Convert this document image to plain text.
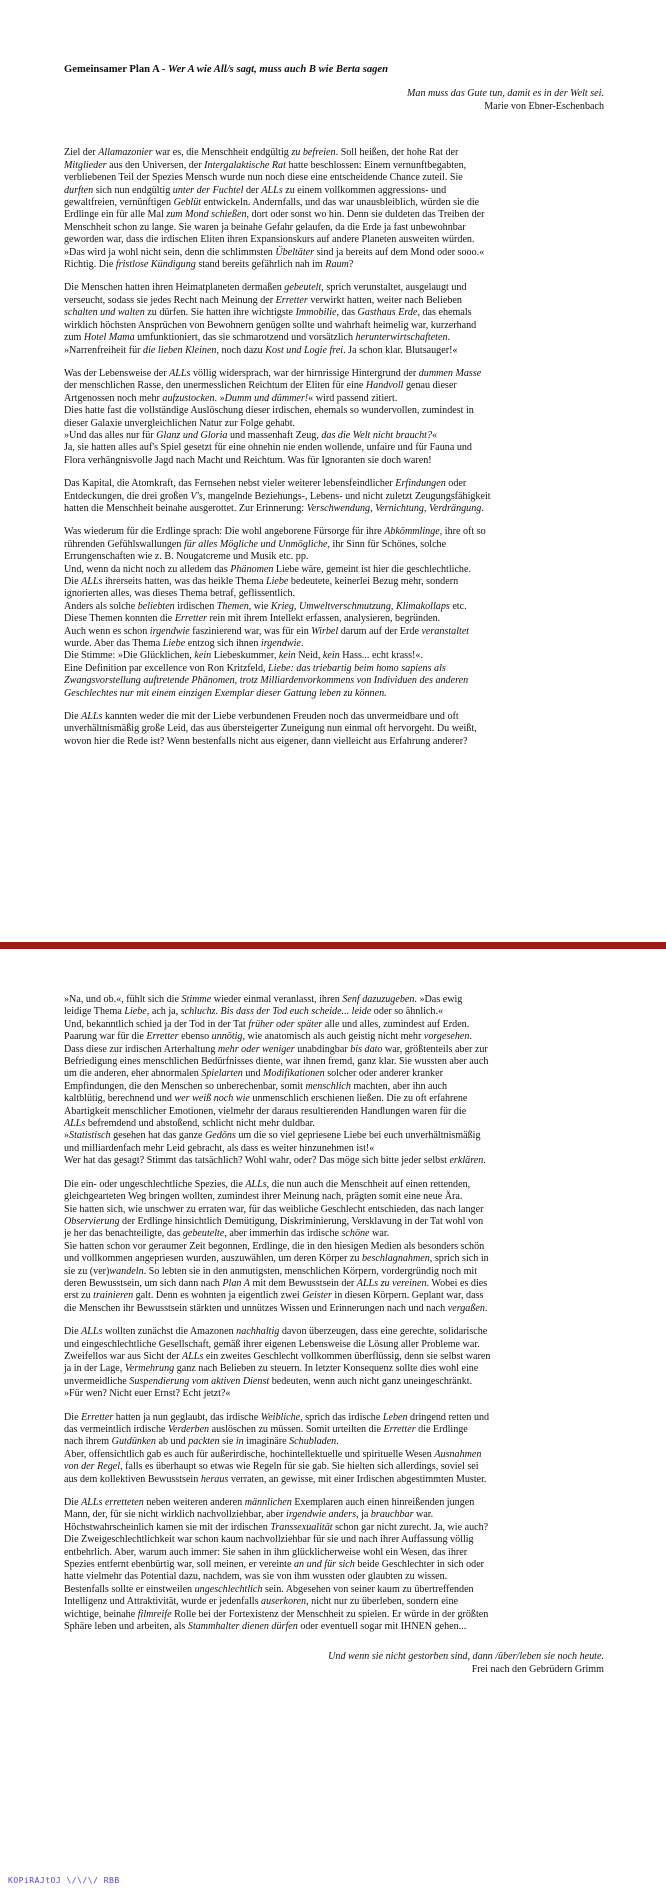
Gemeinsamer Plan A - Wer A wie All/s sagt, muss auch B wie Berta sagen

Man muss das Gute tun, damit es in der Welt sei.
Marie von Ebner-Eschenbach

Ziel der Allamazonier war es, die Menschheit endgültig zu befreien. Soll heißen, der hohe Rat der
Mitglieder aus den Universen, der Intergalaktische Rat hatte beschlossen: Einem vernunftbegabten,
verbliebenen Teil der Spezies Mensch wurde nun noch diese eine entscheidende Chance zuteil. Sie
durften sich nun endgültig unter der Fuchtel der ALLs zu einem vollkommen aggressions- und
gewaltfreien, vernünftigen Geblüt entwickeln. Andernfalls, und das war unausbleiblich, würden sie die
Erdlinge ein für alle Mal zum Mond schießen, dort oder sonst wo hin. Denn sie duldeten das Treiben der
Menschheit schon zu lange. Sie waren ja beinahe Gefahr gelaufen, da die Erde ja fast unbewohnbar
geworden war, dass die irdischen Eliten ihren Expansionskurs auf andere Planeten ausweiten würden.
»Das wird ja wohl nicht sein, denn die schlimmsten Übeltäter sind ja bereits auf dem Mond oder sooo.«
Richtig. Die fristlose Kündigung stand bereits gefährlich nah im Raum?

Die Menschen hatten ihren Heimatplaneten dermaßen gebeutelt, sprich verunstaltet, ausgelaugt und
verseucht, sodass sie jedes Recht nach Meinung der Erretter verwirkt hatten, weiter nach Belieben
schalten und walten zu dürfen. Sie hatten ihre wichtigste Immobilie, das Gasthaus Erde, das ehemals
wirklich höchsten Ansprüchen von Bewohnern genügen sollte und wahrhaft heimelig war, kurzerhand
zum Hotel Mama umfunktioniert, das sie schmarotzend und vorsätzlich herunterwirtschafteten.
»Narrenfreiheit für die lieben Kleinen, noch dazu Kost und Logie frei. Ja schon klar. Blutsauger!«

Was der Lebensweise der ALLs völlig widersprach, war der hirnrissige Hintergrund der dummen Masse
der menschlichen Rasse, den unermesslichen Reichtum der Eliten für eine Handvoll genau dieser
Artgenossen noch mehr aufzustocken. »Dumm und dümmer!« wird passend zitiert.
Dies hatte fast die vollständige Auslöschung dieser irdischen, ehemals so wundervollen, zumindest in
dieser Galaxie unvergleichlichen Natur zur Folge gehabt.
»Und das alles nur für Glanz und Gloria und massenhaft Zeug, das die Welt nicht braucht?«
Ja, sie hatten alles auf's Spiel gesetzt für eine ohnehin nie enden wollende, unfaire und für Fauna und
Flora verhängnisvolle Jagd nach Macht und Reichtum. Was für Ignoranten sie doch waren!

Das Kapital, die Atomkraft, das Fernsehen nebst vieler weiterer lebensfeindlicher Erfindungen oder
Entdeckungen, die drei großen V's, mangelnde Beziehungs-, Lebens- und nicht zuletzt Zeugungsfähigkeit
hatten die Menschheit beinahe ausgerottet. Zur Erinnerung: Verschwendung, Vernichtung, Verdrängung.

Was wiederum für die Erdlinge sprach: Die wohl angeborene Fürsorge für ihre Abkömmlinge, ihre oft so
rührenden Gefühlswallungen für alles Mögliche und Unmögliche, ihr Sinn für Schönes, solche
Errungenschaften wie z. B. Nougatcreme und Musik etc. pp.
Und, wenn da nicht noch zu alledem das Phänomen Liebe wäre, gemeint ist hier die geschlechtliche.
Die ALLs ihrerseits hatten, was das heikle Thema Liebe bedeutete, keinerlei Bezug mehr, sondern
ignorierten alles, was dieses Thema betraf, geflissentlich.
Anders als solche beliebten irdischen Themen, wie Krieg, Umweltverschmutzung, Klimakollaps etc.
Diese Themen konnten die Erretter rein mit ihrem Intellekt erfassen, analysieren, begründen.
Auch wenn es schon irgendwie faszinierend war, was für ein Wirbel darum auf der Erde veranstaltet
wurde. Aber das Thema Liebe entzog sich ihnen irgendwie.
Die Stimme: »Die Glücklichen, kein Liebeskummer, kein Neid, kein Hass... echt krass!«.
Eine Definition par excellence von Ron Kritzfeld, Liebe: das triebartig beim homo sapiens als
Zwangsvorstellung auftretende Phänomen, trotz Milliardenvorkommens von Individuen des anderen
Geschlechtes nur mit einem einzigen Exemplar dieser Gattung leben zu können.

Die ALLs kannten weder die mit der Liebe verbundenen Freuden noch das unvermeidbare und oft
unverhältnismäßig große Leid, das aus übersteigerter Zuneigung nun einmal oft hervorgeht. Du weißt,
wovon hier die Rede ist? Wenn bestenfalls nicht aus eigener, dann vielleicht aus Erfahrung anderer?

»Na, und ob.«, fühlt sich die Stimme wieder einmal veranlasst, ihren Senf dazuzugeben. »Das ewig
leidige Thema Liebe, ach ja, schluchz. Bis dass der Tod euch scheide... leide oder so ähnlich.«
Und, bekanntlich schied ja der Tod in der Tat früher oder später alle und alles, zumindest auf Erden.
Paarung war für die Erretter ebenso unnötig, wie anatomisch als auch geistig nicht mehr vorgesehen.
Dass diese zur irdischen Arterhaltung mehr oder weniger unabdingbar bis dato war, größtenteils aber zur
Befriedigung eines menschlichen Bedürfnisses diente, war ihnen fremd, ganz klar. Sie wussten aber auch
um die anderen, eher abnormalen Spielarten und Modifikationen solcher oder anderer kranker
Empfindungen, die den Menschen so unberechenbar, somit menschlich machten, aber ihn auch
kaltblütig, berechnend und wer weiß noch wie unmenschlich erschienen ließen. Die zu oft erfahrene
Abartigkeit menschlicher Emotionen, vielmehr der daraus resultierenden Handlungen waren für die
ALLs befremdend und abstoßend, schlicht nicht mehr duldbar.
»Statistisch gesehen hat das ganze Gedöns um die so viel gepriesene Liebe bei euch unverhältnismäßig
und milliardenfach mehr Leid gebracht, als dass es weiter hinzunehmen ist!«
Wer hat das gesagt? Stimmt das tatsächlich? Wohl wahr, oder? Das möge sich bitte jeder selbst erklären.

Die ein- oder ungeschlechtliche Spezies, die ALLs, die nun auch die Menschheit auf einen rettenden,
gleichgearteten Weg bringen wollten, zumindest ihrer Meinung nach, prägten somit eine neue Ära.
Sie hatten sich, wie unschwer zu erraten war, für das weibliche Geschlecht entschieden, das nach langer
Observierung der Erdlinge hinsichtlich Demütigung, Diskriminierung, Versklavung in der Tat wohl von
je her das benachteiligte, das gebeutelte, aber immerhin das irdische schöne war.
Sie hatten schon vor geraumer Zeit begonnen, Erdlinge, die in den hiesigen Medien als besonders schön
und vollkommen angepriesen wurden, auszuwählen, um deren Körper zu beschlagnahmen, sprich sich in
sie zu (ver)wandeln. So lebten sie in den anmutigsten, menschlichen Körpern, vordergründig noch mit
deren Bewusstsein, um sich dann nach Plan A mit dem Bewusstsein der ALLs zu vereinen. Wobei es dies
erst zu trainieren galt. Denn es wohnten ja eigentlich zwei Geister in diesen Körpern. Geplant war, dass
die Menschen ihr Bewusstsein stärkten und unnützes Wissen und Erinnerungen nach und nach vergaßen.

Die ALLs wollten zunächst die Amazonen nachhaltig davon überzeugen, dass eine gerechte, solidarische
und eingeschlechtliche Gesellschaft, gemäß ihrer eigenen Lebensweise die Lösung aller Probleme war.
Zweifellos war aus Sicht der ALLs ein zweites Geschlecht vollkommen überflüssig, denn sie selbst waren
ja in der Lage, Vermehrung ganz nach Belieben zu steuern. In letzter Konsequenz sollte dies wohl eine
unvermeidliche Suspendierung vom aktiven Dienst bedeuten, wenn auch nicht ganz uneingeschränkt.
»Für wen? Nicht euer Ernst? Echt jetzt?«

Die Erretter hatten ja nun geglaubt, das irdische Weibliche, sprich das irdische Leben dringend retten und
das vermeintlich irdische Verderben auslöschen zu müssen. Somit urteilten die Erretter die Erdlinge
nach ihrem Gutdünken ab und packten sie in imaginäre Schubladen.
Aber, offensichtlich gab es auch für außerirdische, hochintellektuelle und spirituelle Wesen Ausnahmen
von der Regel, falls es überhaupt so etwas wie Regeln für sie gab. Sie hielten sich allerdings, soviel sei
aus dem kollektiven Bewusstsein heraus verraten, an gewisse, mit einer Irdischen abgestimmten Muster.

Die ALLs erretteten neben weiteren anderen männlichen Exemplaren auch einen hinreißenden jungen
Mann, der, für sie nicht wirklich nachvollziehbar, aber irgendwie anders, ja brauchbar war.
Höchstwahrscheinlich kamen sie mit der irdischen Transsexualität schon gar nicht zurecht. Ja, wie auch?
Die Zweigeschlechtlichkeit war schon kaum nachvollziehbar für sie und nach ihrer Auffassung völlig
entbehrlich. Aber, warum auch immer: Sie sahen in ihm glücklicherweise wohl ein Wesen, das ihrer
Spezies entfernt ebenbürtig war, soll meinen, er vereinte an und für sich beide Geschlechter in sich oder
hatte vielmehr das Potential dazu, nachdem, was sie von ihm wussten oder glaubten zu wissen.
Bestenfalls sollte er einstweilen ungeschlechtlich sein. Abgesehen von seiner kaum zu übertreffenden
Intelligenz und Attraktivität, wurde er jedenfalls auserkoren, nicht nur zu überleben, sondern eine
wichtige, beinahe filmreife Rolle bei der Fortexistenz der Menschheit zu spielen. Er würde in der größten
Sphäre leben und arbeiten, als Stammhalter dienen dürfen oder eventuell sogar mit IHNEN gehen...

Und wenn sie nicht gestorben sind, dann /über/leben sie noch heute.
Frei nach den Gebrüdern Grimm
KOPiRAJtOJ \/\/\/ RBB
